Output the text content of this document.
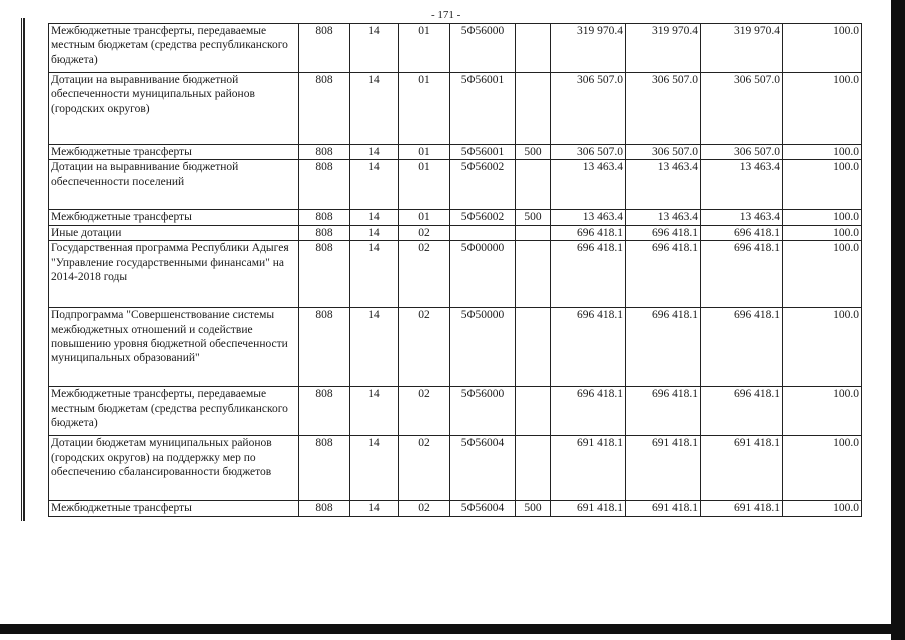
- 171 -
Межбюджетные трансферты, передаваемые местным бюджетам (средства республиканского бюджета)	808	14	01	5Ф56000		319 970.4	319 970.4	319 970.4	100.0
Дотации на выравнивание бюджетной обеспеченности муниципальных районов (городских округов)	808	14	01	5Ф56001		306 507.0	306 507.0	306 507.0	100.0
Межбюджетные трансферты	808	14	01	5Ф56001	500	306 507.0	306 507.0	306 507.0	100.0
Дотации на выравнивание бюджетной обеспеченности поселений	808	14	01	5Ф56002		13 463.4	13 463.4	13 463.4	100.0
Межбюджетные трансферты	808	14	01	5Ф56002	500	13 463.4	13 463.4	13 463.4	100.0
Иные дотации	808	14	02			696 418.1	696 418.1	696 418.1	100.0
Государственная программа Республики Адыгея "Управление государственными финансами" на 2014-2018 годы	808	14	02	5Ф00000		696 418.1	696 418.1	696 418.1	100.0
Подпрограмма "Совершенствование системы межбюджетных отношений и содействие повышению уровня бюджетной обеспеченности муниципальных образований"	808	14	02	5Ф50000		696 418.1	696 418.1	696 418.1	100.0
Межбюджетные трансферты, передаваемые местным бюджетам (средства республиканского бюджета)	808	14	02	5Ф56000		696 418.1	696 418.1	696 418.1	100.0
Дотации бюджетам муниципальных районов (городских округов) на поддержку мер по обеспечению сбалансированности бюджетов	808	14	02	5Ф56004		691 418.1	691 418.1	691 418.1	100.0
Межбюджетные трансферты	808	14	02	5Ф56004	500	691 418.1	691 418.1	691 418.1	100.0
